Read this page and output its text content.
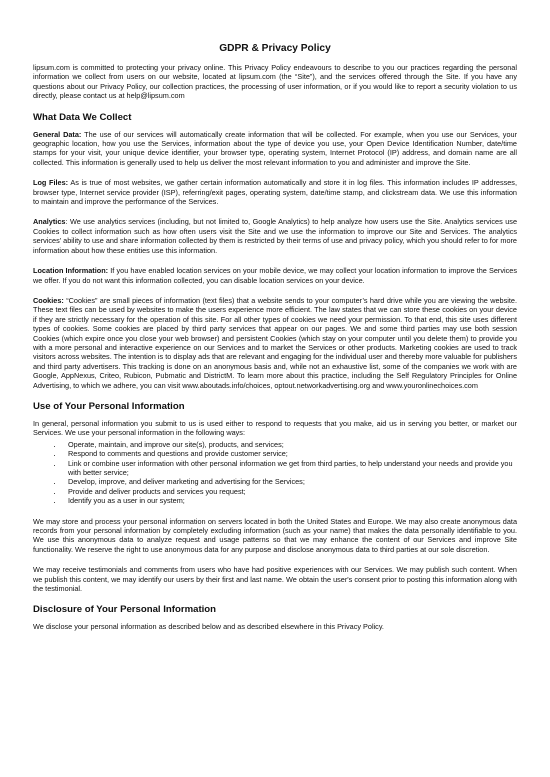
GDPR & Privacy Policy

lipsum.com is committed to protecting your privacy online. This Privacy Policy endeavours to describe to you our practices regarding the personal information we collect from users on our website, located at lipsum.com (the “Site”), and the services offered through the Site. If you have any questions about our Privacy Policy, our collection practices, the processing of user information, or if you would like to report a security violation to us directly, please contact us at help@lipsum.com

What Data We Collect

General Data: The use of our services will automatically create information that will be collected. For example, when you use our Services, your geographic location, how you use the Services, information about the type of device you use, your Open Device Identification Number, date/time stamps for your visit, your unique device identifier, your browser type, operating system, Internet Protocol (IP) address, and domain name are all collected. This information is generally used to help us deliver the most relevant information to you and administer and improve the Site.

Log Files: As is true of most websites, we gather certain information automatically and store it in log files. This information includes IP addresses, browser type, Internet service provider (ISP), referring/exit pages, operating system, date/time stamp, and clickstream data. We use this information to maintain and improve the performance of the Services.

Analytics: We use analytics services (including, but not limited to, Google Analytics) to help analyze how users use the Site. Analytics services use Cookies to collect information such as how often users visit the Site and we use the information to improve our Site and Services. The analytics services’ ability to use and share information collected by them is restricted by their terms of use and privacy policy, which you should refer to for more information about how these entities use this information.

Location Information: If you have enabled location services on your mobile device, we may collect your location information to improve the Services we offer. If you do not want this information collected, you can disable location services on your device.

Cookies: “Cookies” are small pieces of information (text files) that a website sends to your computer’s hard drive while you are viewing the website. These text files can be used by websites to make the users experience more efficient. The law states that we can store these cookies on your device if they are strictly necessary for the operation of this site. For all other types of cookies we need your permission. To that end, this site uses different types of cookies. Some cookies are placed by third party services that appear on our pages. We and some third parties may use both session Cookies (which expire once you close your web browser) and persistent Cookies (which stay on your computer until you delete them) to provide you with a more personal and interactive experience on our Services and to market the Services or other products. Marketing cookies are used to track visitors across websites. The intention is to display ads that are relevant and engaging for the individual user and thereby more valuable for publishers and third party advertisers. This tracking is done on an anonymous basis and, while not an exhaustive list, some of the companies we work with are Google, AppNexus, Criteo, Rubicon, Pubmatic and DistrictM. To learn more about this practice, including the Self Regulatory Principles for Online Advertising, to which we adhere, you can visit www.aboutads.info/choices, optout.networkadvertising.org and www.youronlinechoices.com

Use of Your Personal Information

In general, personal information you submit to us is used either to respond to requests that you make, aid us in serving you better, or market our Services. We use your personal information in the following ways:

• Operate, maintain, and improve our site(s), products, and services;
• Respond to comments and questions and provide customer service;
• Link or combine user information with other personal information we get from third parties, to help understand your needs and provide you with better service;
• Develop, improve, and deliver marketing and advertising for the Services;
• Provide and deliver products and services you request;
• Identify you as a user in our system;

We may store and process your personal information on servers located in both the United States and Europe. We may also create anonymous data records from your personal information by completely excluding information (such as your name) that makes the data personally identifiable to you. We use this anonymous data to analyze request and usage patterns so that we may enhance the content of our Services and improve Site functionality. We reserve the right to use anonymous data for any purpose and disclose anonymous data to third parties at our sole discretion.

We may receive testimonials and comments from users who have had positive experiences with our Services. We may publish such content. When we publish this content, we may identify our users by their first and last name. We obtain the user's consent prior to posting this information along with the testimonial.

Disclosure of Your Personal Information

We disclose your personal information as described below and as described elsewhere in this Privacy Policy.
